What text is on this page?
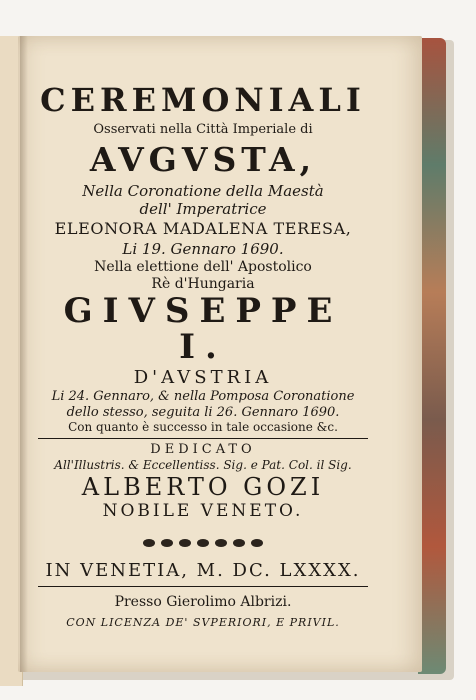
CEREMONIALI
Osservati nella Città Imperiale di
AVGVSTA,
Nella Coronatione della Maestà
dell' Imperatrice
ELEONORA MADALENA TERESA,
Li 19. Gennaro 1690.
Nella elettione dell' Apostolico
Rè d'Hungaria
GIVSEPPE I.
D'AVSTRIA
Li 24. Gennaro, & nella Pomposa Coronatione
dello stesso, seguita li 26. Gennaro 1690.
Con quanto è successo in tale occasione &c.
DEDICATO
All'Illustris. & Eccellentiss. Sig. e Pat. Col. il Sig.
ALBERTO GOZI
NOBILE VENETO.
IN VENETIA, M. DC. LXXXX.
Presso Gierolimo Albrizi.
CON LICENZA DE' SVPERIORI, E PRIVIL.
